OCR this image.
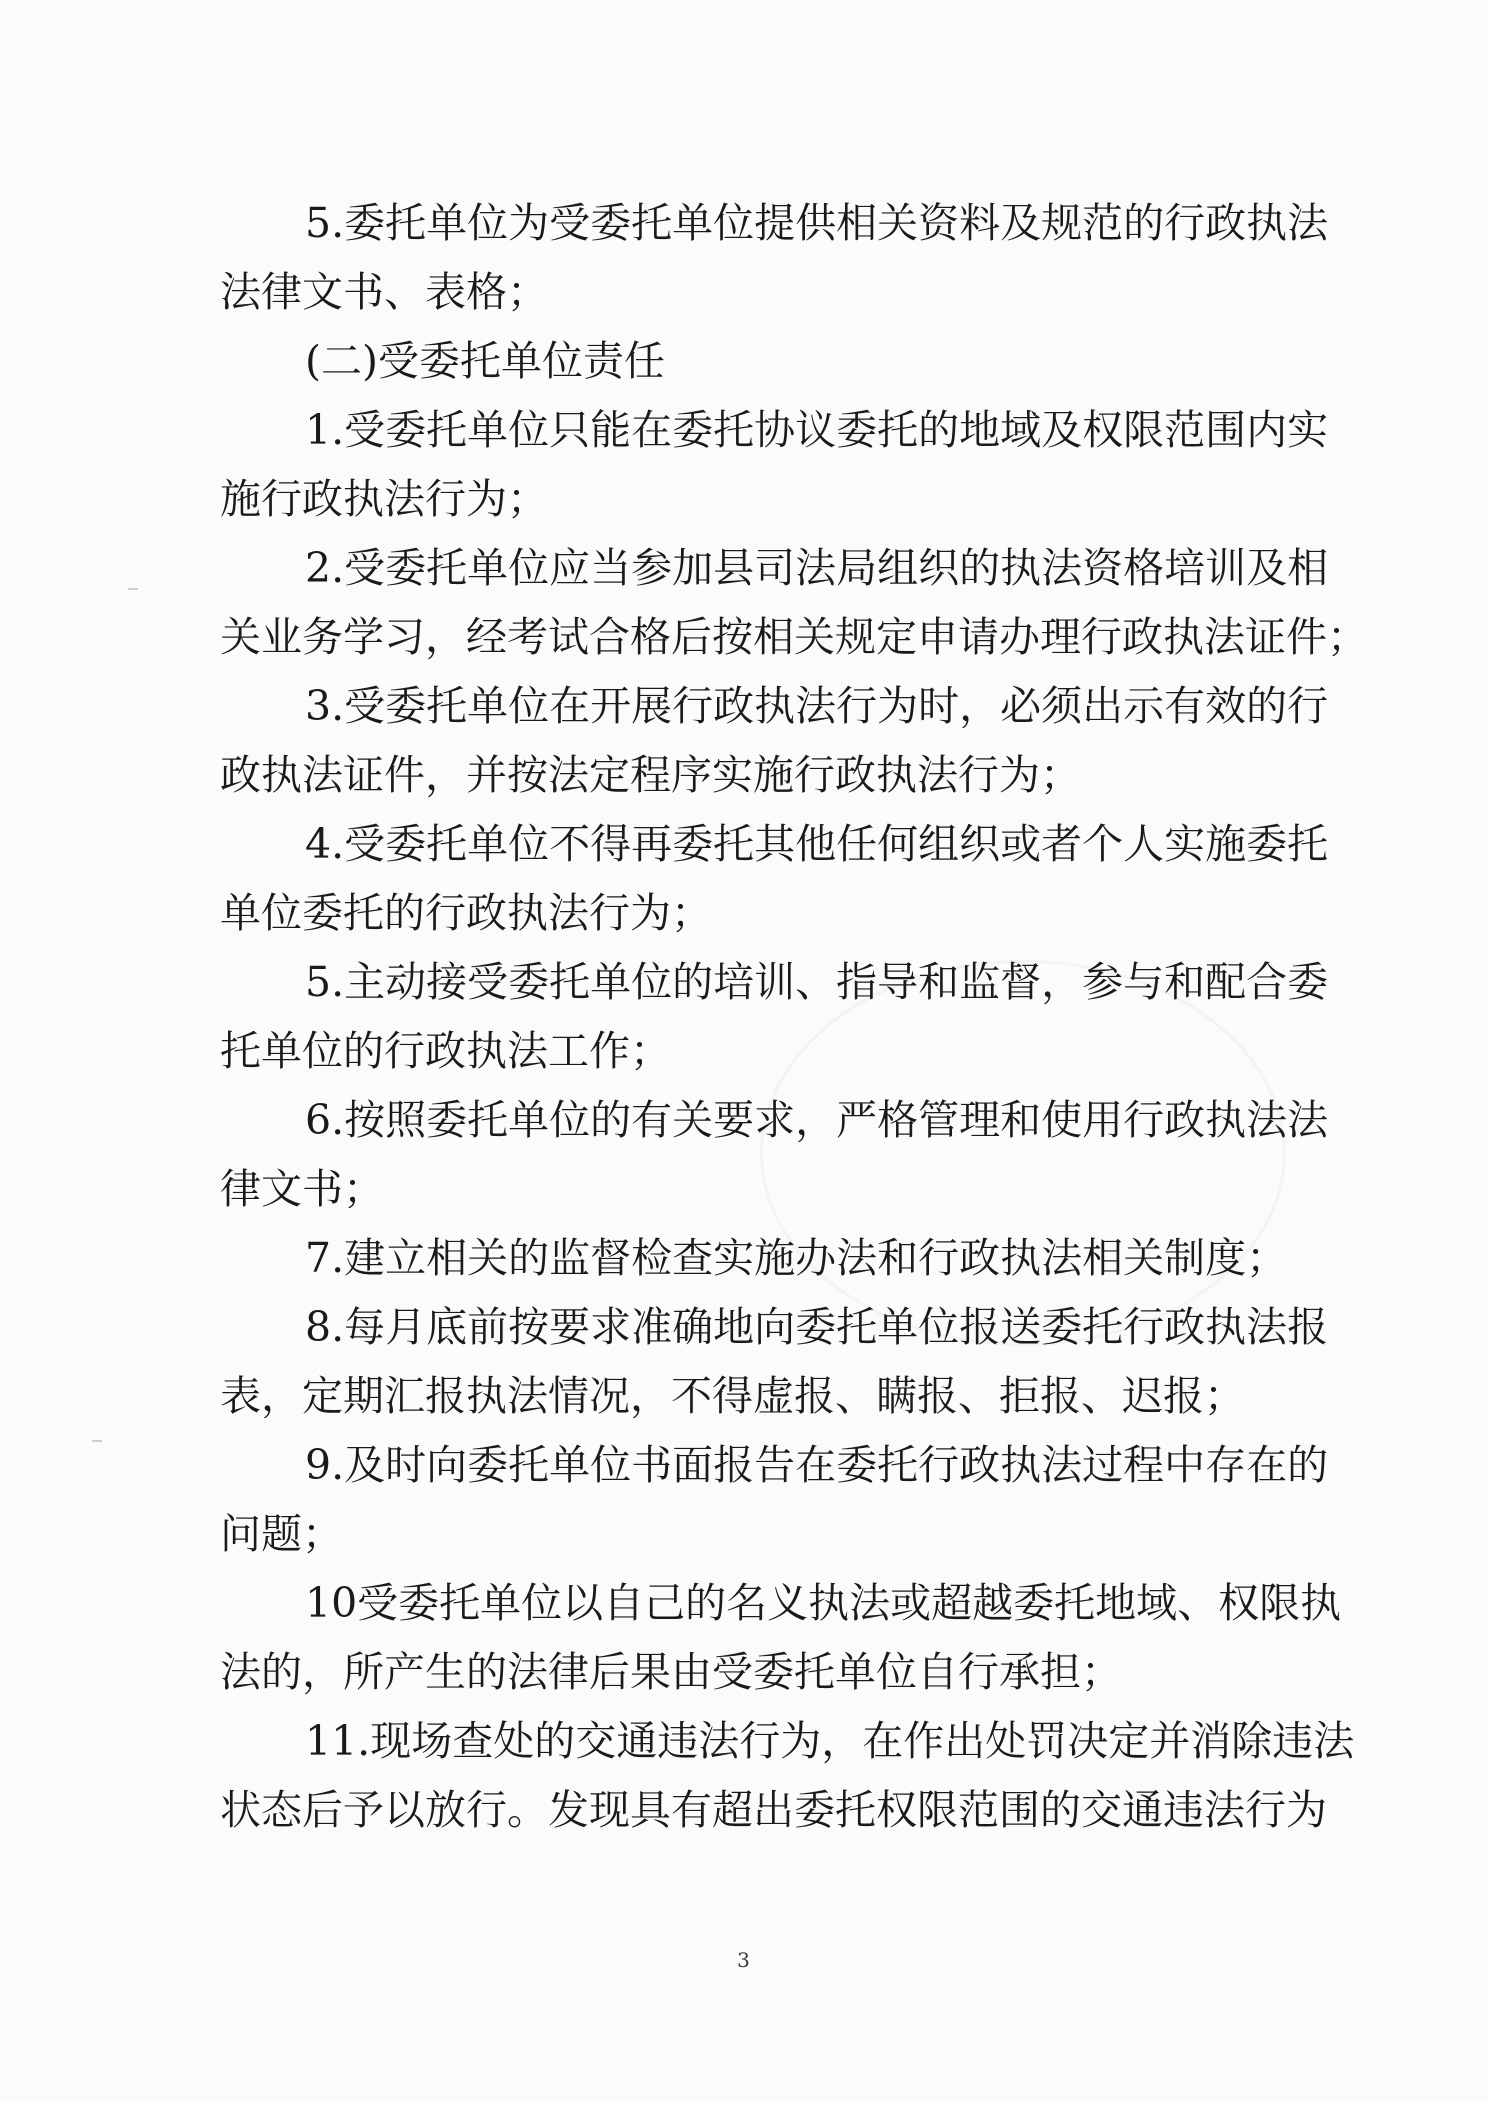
5.委托单位为受委托单位提供相关资料及规范的行政执法
法律文书、表格；
(二)受委托单位责任
1.受委托单位只能在委托协议委托的地域及权限范围内实
施行政执法行为；
2.受委托单位应当参加县司法局组织的执法资格培训及相
关业务学习，经考试合格后按相关规定申请办理行政执法证件；
3.受委托单位在开展行政执法行为时，必须出示有效的行
政执法证件，并按法定程序实施行政执法行为；
4.受委托单位不得再委托其他任何组织或者个人实施委托
单位委托的行政执法行为；
5.主动接受委托单位的培训、指导和监督，参与和配合委
托单位的行政执法工作；
6.按照委托单位的有关要求，严格管理和使用行政执法法
律文书；
7.建立相关的监督检查实施办法和行政执法相关制度；
8.每月底前按要求准确地向委托单位报送委托行政执法报
表，定期汇报执法情况，不得虚报、瞒报、拒报、迟报；
9.及时向委托单位书面报告在委托行政执法过程中存在的
问题；
10受委托单位以自己的名义执法或超越委托地域、权限执
法的，所产生的法律后果由受委托单位自行承担；
11.现场查处的交通违法行为，在作出处罚决定并消除违法
状态后予以放行。发现具有超出委托权限范围的交通违法行为
3
